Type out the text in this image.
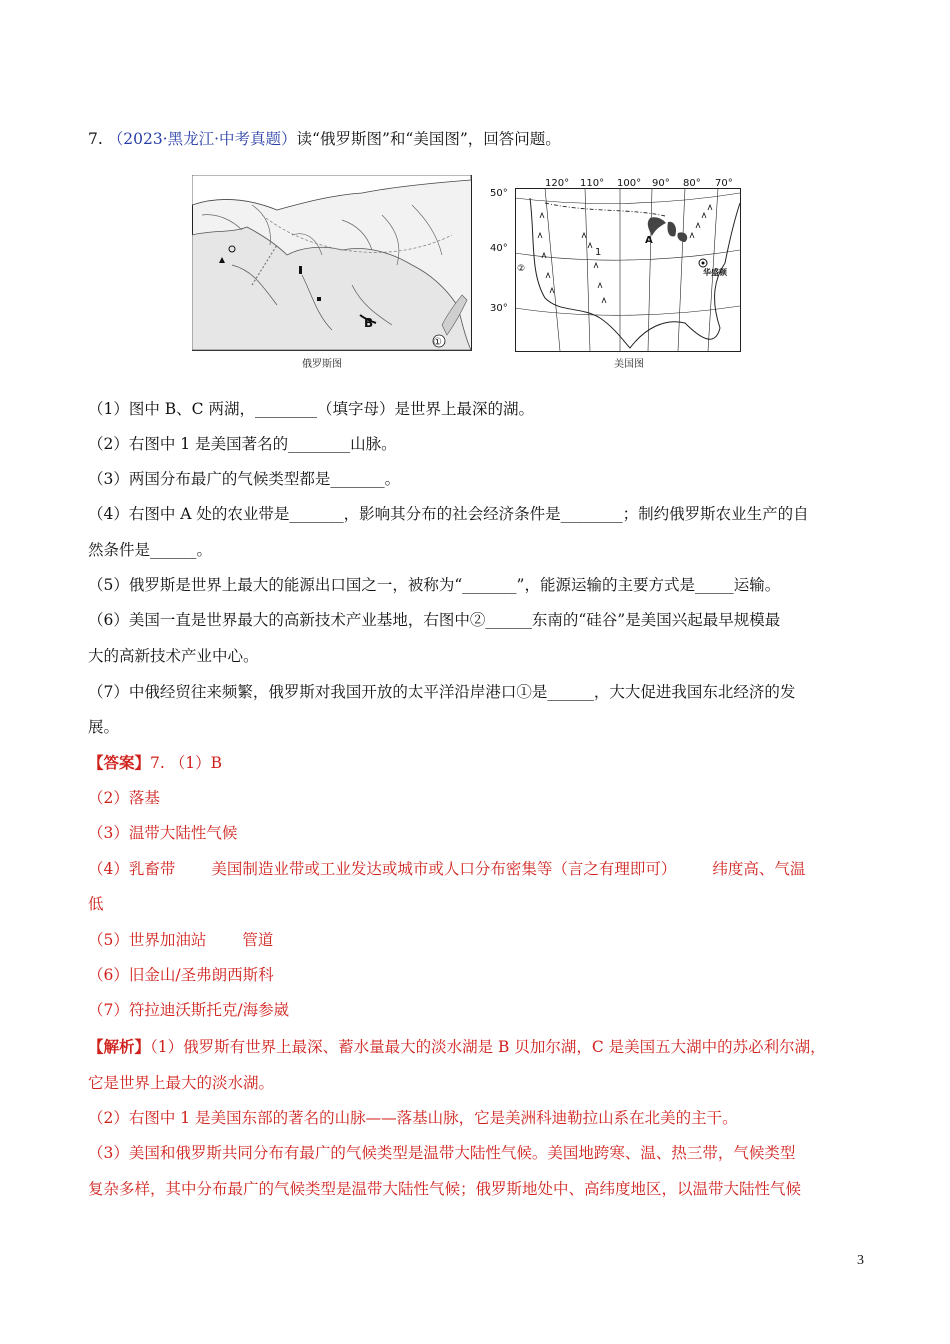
7. （2023·黑龙江·中考真题）读“俄罗斯图”和“美国图”，回答问题。
B
①
俄罗斯图
50°
40°
30°
120° 110° 100° 90° 80° 70°
A
1
②	华盛顿
美国图
（1）图中 B、C 两湖，________（填字母）是世界上最深的湖。
（2）右图中 1 是美国著名的________山脉。
（3）两国分布最广的气候类型都是_______。
（4）右图中 A 处的农业带是_______，影响其分布的社会经济条件是________；制约俄罗斯农业生产的自
然条件是______。
（5）俄罗斯是世界上最大的能源出口国之一，被称为“_______”，能源运输的主要方式是_____运输。
（6）美国一直是世界最大的高新技术产业基地，右图中②______东南的“硅谷”是美国兴起最早规模最
大的高新技术产业中心。
（7）中俄经贸往来频繁，俄罗斯对我国开放的太平洋沿岸港口①是______，大大促进我国东北经济的发
展。
【答案】7. （1）B
（2）落基
（3）温带大陆性气候
（4）乳畜带 美国制造业带或工业发达或城市或人口分布密集等（言之有理即可） 纬度高、气温
低
（5）世界加油站 管道
（6）旧金山/圣弗朗西斯科
（7）符拉迪沃斯托克/海参崴
【解析】（1）俄罗斯有世界上最深、蓄水量最大的淡水湖是 B 贝加尔湖，C 是美国五大湖中的苏必利尔湖，
它是世界上最大的淡水湖。
（2）右图中 1 是美国东部的著名的山脉——落基山脉，它是美洲科迪勒拉山系在北美的主干。
（3）美国和俄罗斯共同分布有最广的气候类型是温带大陆性气候。美国地跨寒、温、热三带，气候类型
复杂多样，其中分布最广的气候类型是温带大陆性气候；俄罗斯地处中、高纬度地区，以温带大陆性气候
3
